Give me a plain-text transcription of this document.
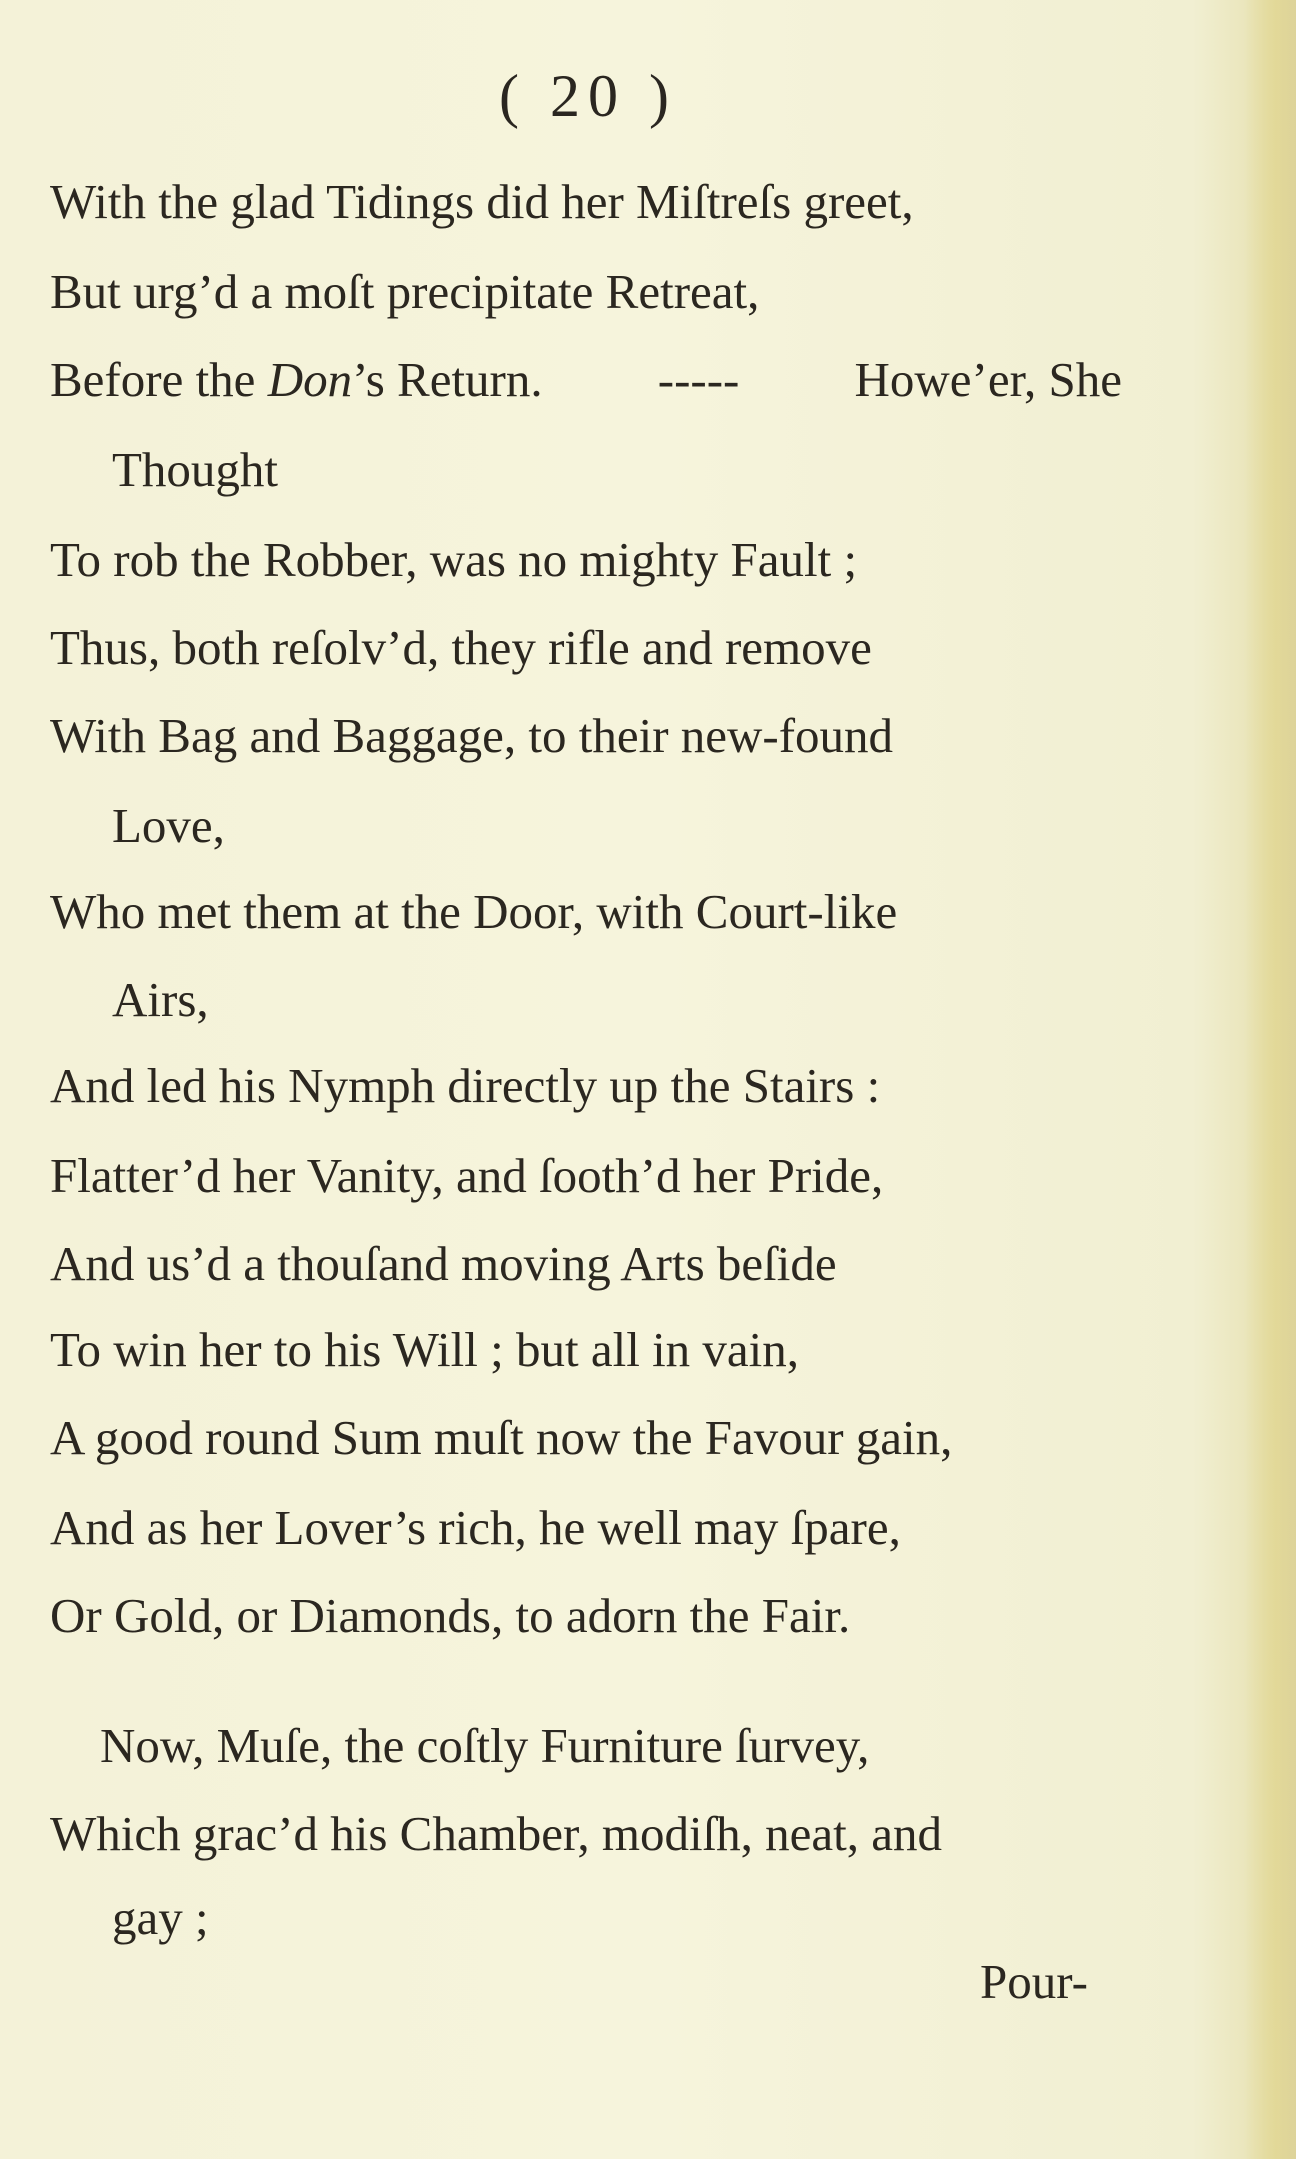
( 20 )
With the glad Tidings did her Miſtreſs greet,
But urg’d a moſt precipitate Retreat,
Before the Don’s Return. ----- Howe’er, She
Thought
To rob the Robber, was no mighty Fault ;
Thus, both reſolv’d, they rifle and remove
With Bag and Baggage, to their new-found
Love,
Who met them at the Door, with Court-like
Airs,
And led his Nymph directly up the Stairs :
Flatter’d her Vanity, and ſooth’d her Pride,
And us’d a thouſand moving Arts beſide
To win her to his Will ; but all in vain,
A good round Sum muſt now the Favour gain,
And as her Lover’s rich, he well may ſpare,
Or Gold, or Diamonds, to adorn the Fair.
Now, Muſe, the coſtly Furniture ſurvey,
Which grac’d his Chamber, modiſh, neat, and
gay ;
Pour-
